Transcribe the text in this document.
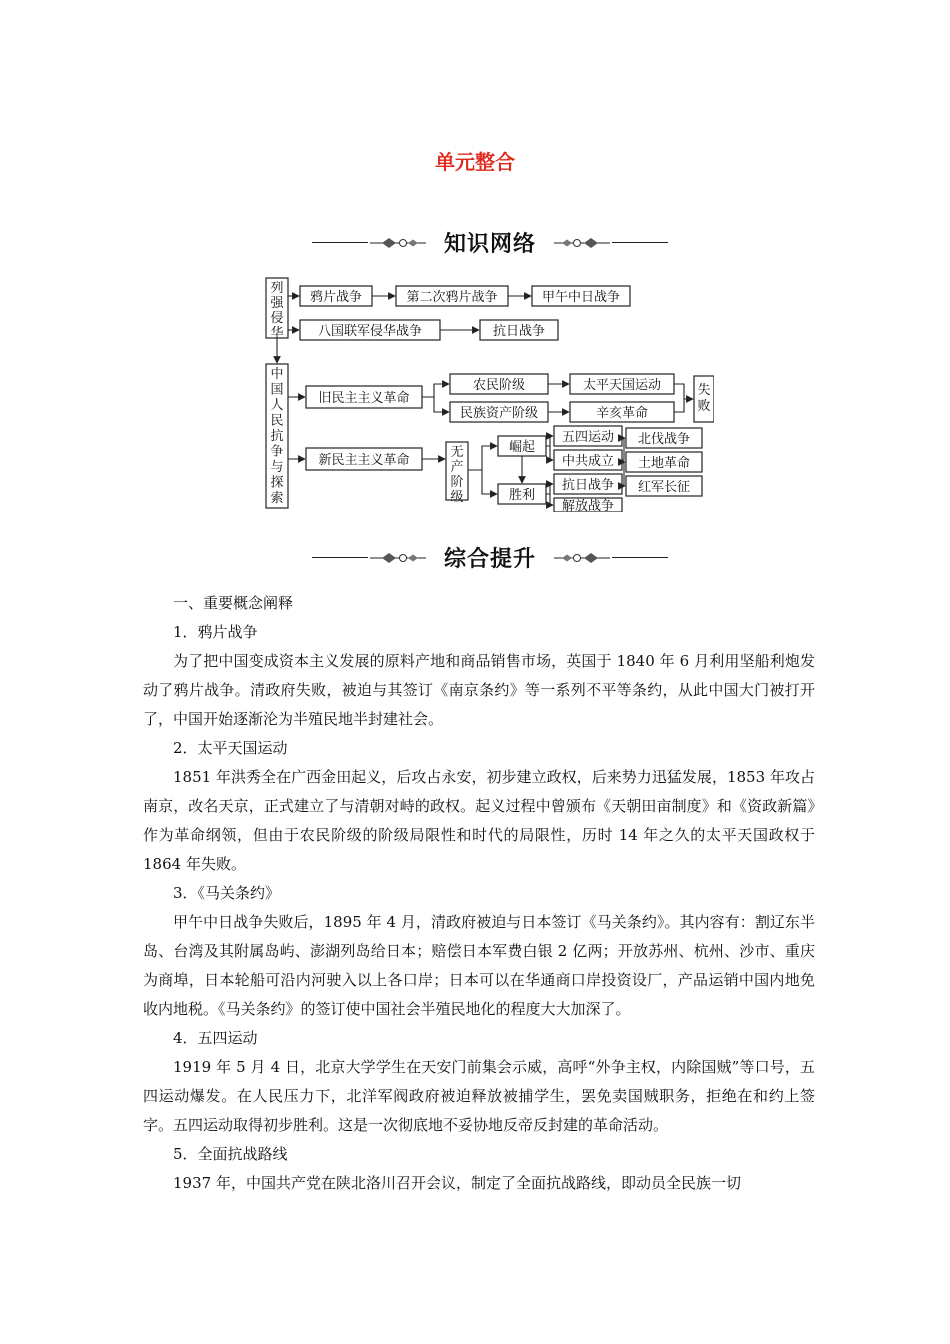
单元整合
知识网络
列强侵华
中国人民抗争与探索
无产阶级
失败
鸦片战争	第二次鸦片战争	甲午中日战争
八国联军侵华战争	抗日战争
旧民主主义革命
农民阶级
民族资产阶级
太平天国运动
辛亥革命
新民主主义革命
崛起
胜利
五四运动
中共成立
抗日战争
解放战争
北伐战争
土地革命
红军长征
综合提升

一、重要概念阐释

1．鸦片战争

为了把中国变成资本主义发展的原料产地和商品销售市场，英国于 1840 年 6 月利用坚船利炮发动了鸦片战争。清政府失败，被迫与其签订《南京条约》等一系列不平等条约，从此中国大门被打开了，中国开始逐渐沦为半殖民地半封建社会。

2．太平天国运动

1851 年洪秀全在广西金田起义，后攻占永安，初步建立政权，后来势力迅猛发展，1853 年攻占南京，改名天京，正式建立了与清朝对峙的政权。起义过程中曾颁布《天朝田亩制度》和《资政新篇》作为革命纲领，但由于农民阶级的阶级局限性和时代的局限性，历时 14 年之久的太平天国政权于 1864 年失败。

3．《马关条约》

甲午中日战争失败后，1895 年 4 月，清政府被迫与日本签订《马关条约》。其内容有：割辽东半岛、台湾及其附属岛屿、澎湖列岛给日本；赔偿日本军费白银 2 亿两；开放苏州、杭州、沙市、重庆为商埠，日本轮船可沿内河驶入以上各口岸；日本可以在华通商口岸投资设厂，产品运销中国内地免收内地税。《马关条约》的签订使中国社会半殖民地化的程度大大加深了。

4．五四运动

1919 年 5 月 4 日，北京大学学生在天安门前集会示威，高呼“外争主权，内除国贼”等口号，五四运动爆发。在人民压力下，北洋军阀政府被迫释放被捕学生，罢免卖国贼职务，拒绝在和约上签字。五四运动取得初步胜利。这是一次彻底地不妥协地反帝反封建的革命活动。

5．全面抗战路线

1937 年，中国共产党在陕北洛川召开会议，制定了全面抗战路线，即动员全民族一切
